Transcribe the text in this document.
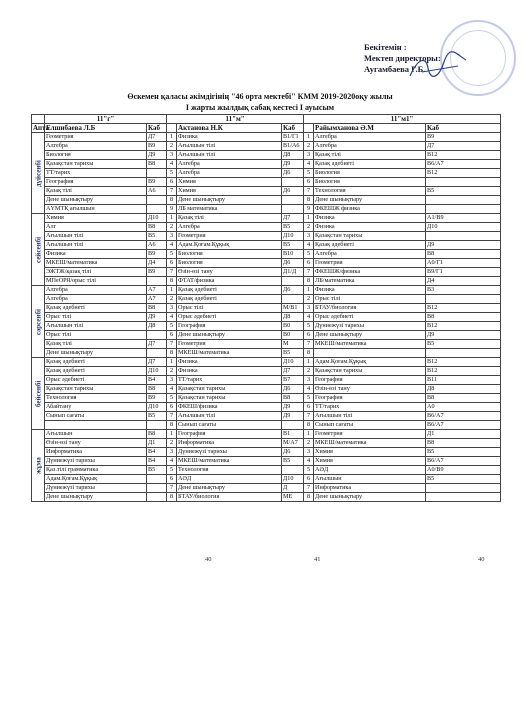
Бекітемін :
Мектеп директоры:
Аугамбаева Г.Б.
Өскемен қаласы әкімдігінің "46 орта мектебі" КММ 2019-2020оқу жылы
І жарты жылдық сабақ кестесі І ауысым
	11"г"		11"м"			11"м1"		
Апта	Елшибаева Л.Б	Каб		Актанова Н.К	Каб		Райымханова Ә.М	Каб
дүйсенбі	Геометрия	Д7	1	Физика	В1/Г1	1	Алгебра	В9
	Алгебра	В9	2	Ағылшын тілі	В1/А6	2	Алгебра	Д7
	Биология	Д9	3	Ағылшын тілі	Д8	3	Қазақ тілі	В12
	Қазақстан тарихы	В8	4	Алгебра	Д9	4	Қазақ әдебиеті	В6/А7
	ТТ/тарих		5	Алгебра	Д6	5	Биология	В12
	География	В9	6	Химия		6	Биология	
	Қазақ тілі	А6	7	Химия	Д6	7	Технология	В5
	Дене шынықтыру		8	Дене шынықтыру		8	Дене шынықтыру	
	АҮМТҚ ағылшын		9	ЛБ математика		9	ФКЕШЖ физика	
сейсенбі	Химия	Д10	1	Қазақ тілі	Д7	1	Физика	А1/В9
	Алг	В8	2	Алгебра	В5	2	Физика	Д10
	Ағылшын тілі	В5	3	Геометрия	Д10	3	Қазақстан тарихы	
	Ағылшын тілі	А6	4	Адам.Қоғам.Құқық	В5	4	Қазақ әдебиеті	Д9
	Физика	В9	5	Биология	В10	5	Алгебра	В8
	МКЕШ/математика	Д4	6	Биология	Д6	6	Геометрия	А0/Г1
	ЭЖТЖ/қазақ тілі	В9	7	Өзін-өзі тану	Д1/Д	7	ФКЕШЖ/физика	В9/Г1
	МПеОРЯ/орыс тілі		8	ФТАТ/физика		8	ЛБ/математика	Д4
сәрсенбі	Алгебра	А7	1	Қазақ әдебиеті	Д6	1	Физика	В3
	Алгебра	А7	2	Қазақ әдебиеті		2	Орыс тілі	
	Қазақ әдебиеті	В8	3	Орыс тілі	М/В1	3	БТАУ/биология	В12
	Орыс тілі	Д9	4	Орыс әдебиеті	Д8	4	Орыс әдебиеті	В8
	Ағылшын тілі	Д8	5	География	В0	5	Дүниежүзі тарихы	В12
	Орыс тілі		6	Дене шынықтыру	В0	6	Дене шынықтыру	Д9
	Қазақ тілі	Д7	7	Геометрия	М	7	МКЕШ/математика	В5
	Дене шынықтыру		8	МКЕШ/математика	В5	8		
бейсенбі	Қазақ әдебиеті	Д7	1	Физика	Д10	1	Адам.Қоғам.Құқық	В12
	Қазақ әдебиеті	Д10	2	Физика	Д7	2	Қазақстан тарихы	В12
	Орыс әдебиеті	В4	3	ТТ/тарих	В7	3	География	В11
	Қазақстан тарихы	В8	4	Қазақстан тарихы	Д6	4	Өзін-өзі тану	Д8
	Технология	В9	5	Қазақстан тарихы	В8	5	География	В8
	Абайтану	Д10	6	ФКЕШ/физика	Д9	6	ТТ/тарих	А0
	Сынып сағаты	В5	7	Ағылшын тілі	Д9	7	Ағылшын тілі	В6/А7
			8	Сынып сағаты		8	Сынып сағаты	В6/А7
жұма	Ағылшын	В8	1	География	В1	1	Геометрия	Д1
	Өзін-өзі тану	Д1	2	Информатика	М/А7	2	МКЕШ/математика	В8
	Информатика	В4	3	Дүниежүзі тарихы	Д6	3	Химия	В5
	Дүниежүзі тарихы	В4	4	МКЕШ/математика	В5	4	Химия	В6/А7
	Қаз.тілі грамматика	В5	5	Технология		5	АӘД	А0/В9
	Адам.Қоғам.Құқық		6	АӘД	Д10	6	Ағылшын	В5
	Дүниежүзі тарихы		7	Дене шынықтыру	Д	7	Информатика	
	Дене шынықтыру		8	БТАУ/биология	МЕ	8	Дене шынықтыру	
40	41	40
